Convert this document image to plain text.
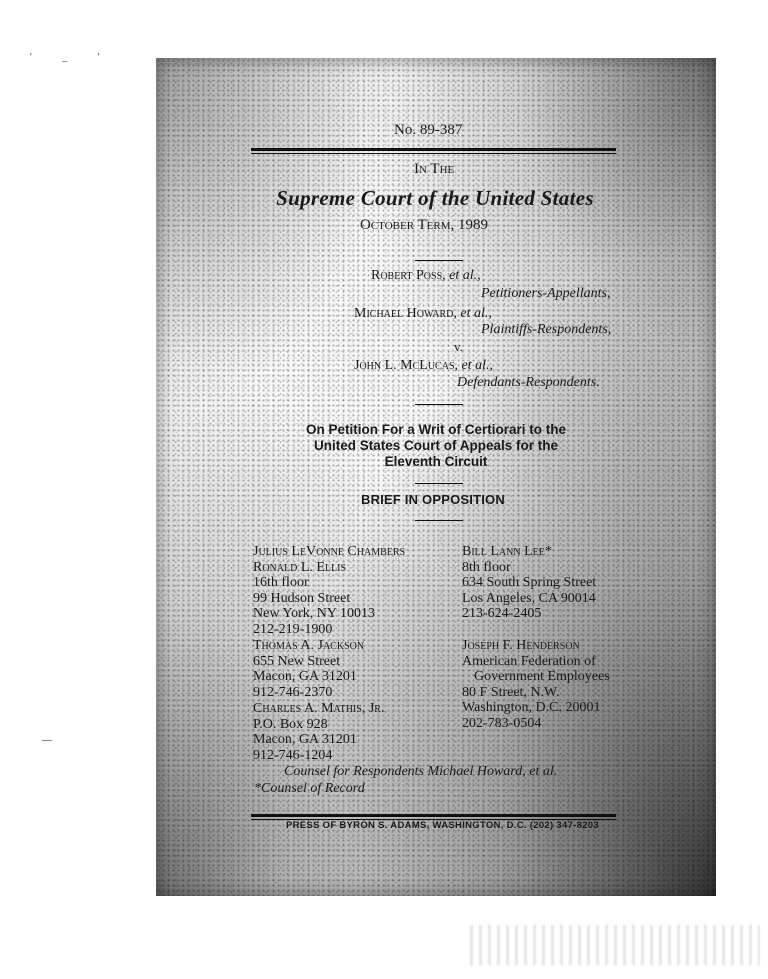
' _ '
No. 89-387
In The
Supreme Court of the United States
October Term, 1989
Robert Poss, et al.,
Petitioners-Appellants,
Michael Howard, et al.,
Plaintiffs-Respondents,
v.
John L. McLucas, et al.,
Defendants-Respondents.
On Petition For a Writ of Certiorari to the
United States Court of Appeals for the
Eleventh Circuit
BRIEF IN OPPOSITION
Julius LeVonne Chambers
Ronald L. Ellis
16th floor
99 Hudson Street
New York, NY 10013
212-219-1900
Bill Lann Lee*
8th floor
634 South Spring Street
Los Angeles, CA 90014
213-624-2405
Thomas A. Jackson
655 New Street
Macon, GA 31201
912-746-2370
Joseph F. Henderson
American Federation of
Government Employees
80 F Street, N.W.
Washington, D.C. 20001
202-783-0504
Charles A. Mathis, Jr.
P.O. Box 928
Macon, GA 31201
912-746-1204
Counsel for Respondents Michael Howard, et al.
*Counsel of Record
PRESS OF BYRON S. ADAMS, WASHINGTON, D.C. (202) 347-8203
